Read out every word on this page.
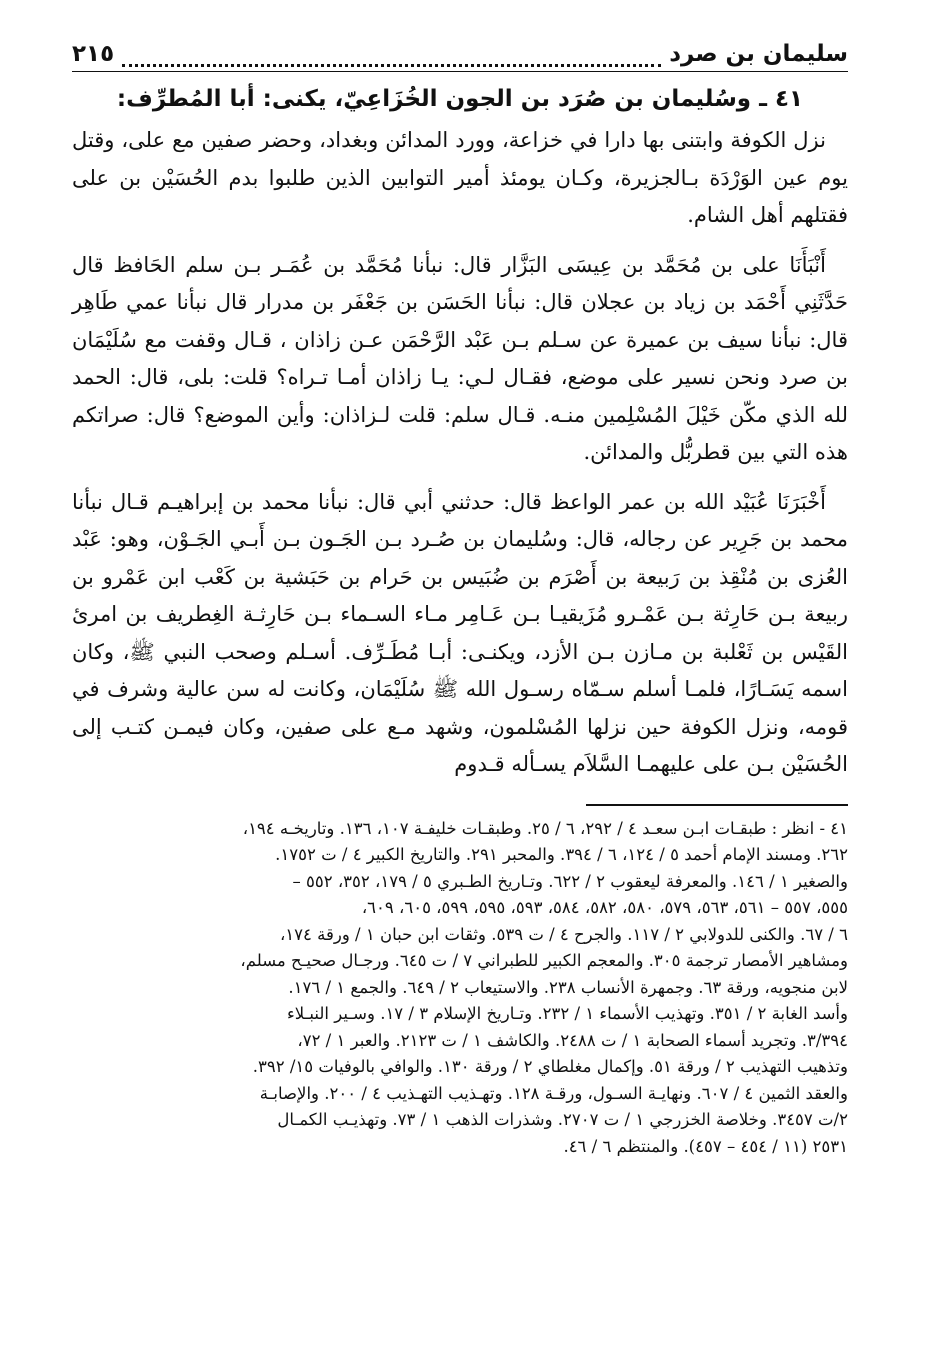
سليمان بن صرد
٢١٥
٤١ ـ وسُليمان بن صُرَد بن الجون الخُزَاعِيّ، يكنى: أبا المُطرِّف:

نزل الكوفة وابتنى بها دارا في خزاعة، وورد المدائن وبغداد، وحضر صفين مع على، وقتل يوم عين الوَرْدَة بـالجزيرة، وكـان يومئذ أمير التوابين الذين طلبوا بدم الحُسَيْن بن على فقتلهم أهل الشام.

أَنْبَأَنَا على بن مُحَمَّد بن عِيسَى البَزَّار قال: نبأنا مُحَمَّد بن عُمَـر بـن سلم الحَافظ قال حَدَّثَنِي أَحْمَد بن زياد بن عجلان قال: نبأنا الحَسَن بن جَعْفَر بن مدرار قال نبأنا عمي طَاهِر قال: نبأنا سيف بن عميرة عن سـلم بـن عَبْد الرَّحْمَن عـن زاذان ، قـال وقفت مع سُلَيْمَان بن صرد ونحن نسير على موضع، فقـال لـي: يـا زاذان أمـا تـراه؟ قلت: بلى، قال: الحمد لله الذي مكّن خَيْلَ المُسْلِمين منـه. قـال سلم: قلت لـزاذان: وأين الموضع؟ قال: صراتكم هذه التي بين قطربُّل والمدائن.

أَخْبَرَنَا عُبَيْد الله بن عمر الواعظ قال: حدثني أبي قال: نبأنا محمد بن إبراهيـم قـال نبأنا محمد بن جَرِير عن رجاله، قال: وسُليمان بن صُـرد بـن الجَـون بـن أَبـي الجَـوْن، وهو: عَبْد العُزى بن مُنْقِذ بن رَبيعة بن أَصْرَم بن ضُبَيس بن حَرام بن حَبَشية بن كَعْب ابن عَمْرو بن ربيعة بـن حَارِثة بـن عَمْـرو مُزَيقيـا بـن عَـامِر مـاء السـماء بـن حَارِثـة الغِطريف بن امرئ القَيْس بن ثَعْلبة بن مـازن بـن الأزد، ويكنـى: أبـا مُطَـرِّف. أسـلم وصحب النبي ﷺ، وكان اسمه يَسَـارًا، فلمـا أسلم سـمّاه رسـول الله ﷺ سُلَيْمَان، وكانت له سن عالية وشرف في قومه، ونزل الكوفة حين نزلها المُسْلمون، وشهد مـع على صفين، وكان فيمـن كتـب إلى الحُسَيْن بـن على عليهمـا السَّلاَم يسـأله قـدوم

٤١ - انظر : طبقـات ابـن سعـد ٤ / ٢٩٢، ٦ / ٢٥. وطبقـات خليفـة ١٠٧، ١٣٦. وتاريخـه ١٩٤،

٢٦٢. ومسند الإمام أحمد ٥ / ١٢٤، ٦ / ٣٩٤. والمحبر ٢٩١. والتاريخ الكبير ٤ / ت ١٧٥٢.

والصغير ١ / ١٤٦. والمعرفة ليعقوب ٢ / ٦٢٢. وتـاريخ الطـبري ٥ / ١٧٩، ٣٥٢، ٥٥٢ –

٥٥٥، ٥٥٧ – ٥٦١، ٥٦٣، ٥٧٩، ٥٨٠، ٥٨٢، ٥٨٤، ٥٩٣، ٥٩٥، ٥٩٩، ٦٠٥، ٦٠٩،

٦ / ٦٧. والكنى للدولابي ٢ / ١١٧. والجرح ٤ / ت ٥٣٩. وثقات ابن حبان ١ / ورقة ١٧٤،

ومشاهير الأمصار ترجمة ٣٠٥. والمعجم الكبير للطبراني ٧ / ت ٦٤٥. ورجـال صحيـح مسلم،

لابن منجويه، ورقة ٦٣. وجمهرة الأنساب ٢٣٨. والاستيعاب ٢ / ٦٤٩. والجمع ١ / ١٧٦.

وأسد الغابة ٢ / ٣٥١. وتهذيب الأسماء ١ / ٢٣٢. وتـاريخ الإسلام ٣ / ١٧. وسـير النبـلاء

٣/٣٩٤. وتجريد أسماء الصحابة ١ / ت ٢٤٨٨. والكاشف ١ / ت ٢١٢٣. والعبر ١ / ٧٢،

وتذهيب التهذيب ٢ / ورقة ٥١. وإكمال مغلطاي ٢ / ورقة ١٣٠. والوافي بالوفيات ١٥/ ٣٩٢.

والعقد الثمين ٤ / ٦٠٧. ونهايـة السـول، ورقـة ١٢٨. وتهـذيب التهـذيب ٤ / ٢٠٠. والإصابـة

٢/ت ٣٤٥٧. وخلاصة الخزرجي ١ / ت ٢٧٠٧. وشذرات الذهب ١ / ٧٣. وتهذيـب الكمـال

٢٥٣١ (١١ / ٤٥٤ – ٤٥٧). والمنتظم ٦ / ٤٦.
